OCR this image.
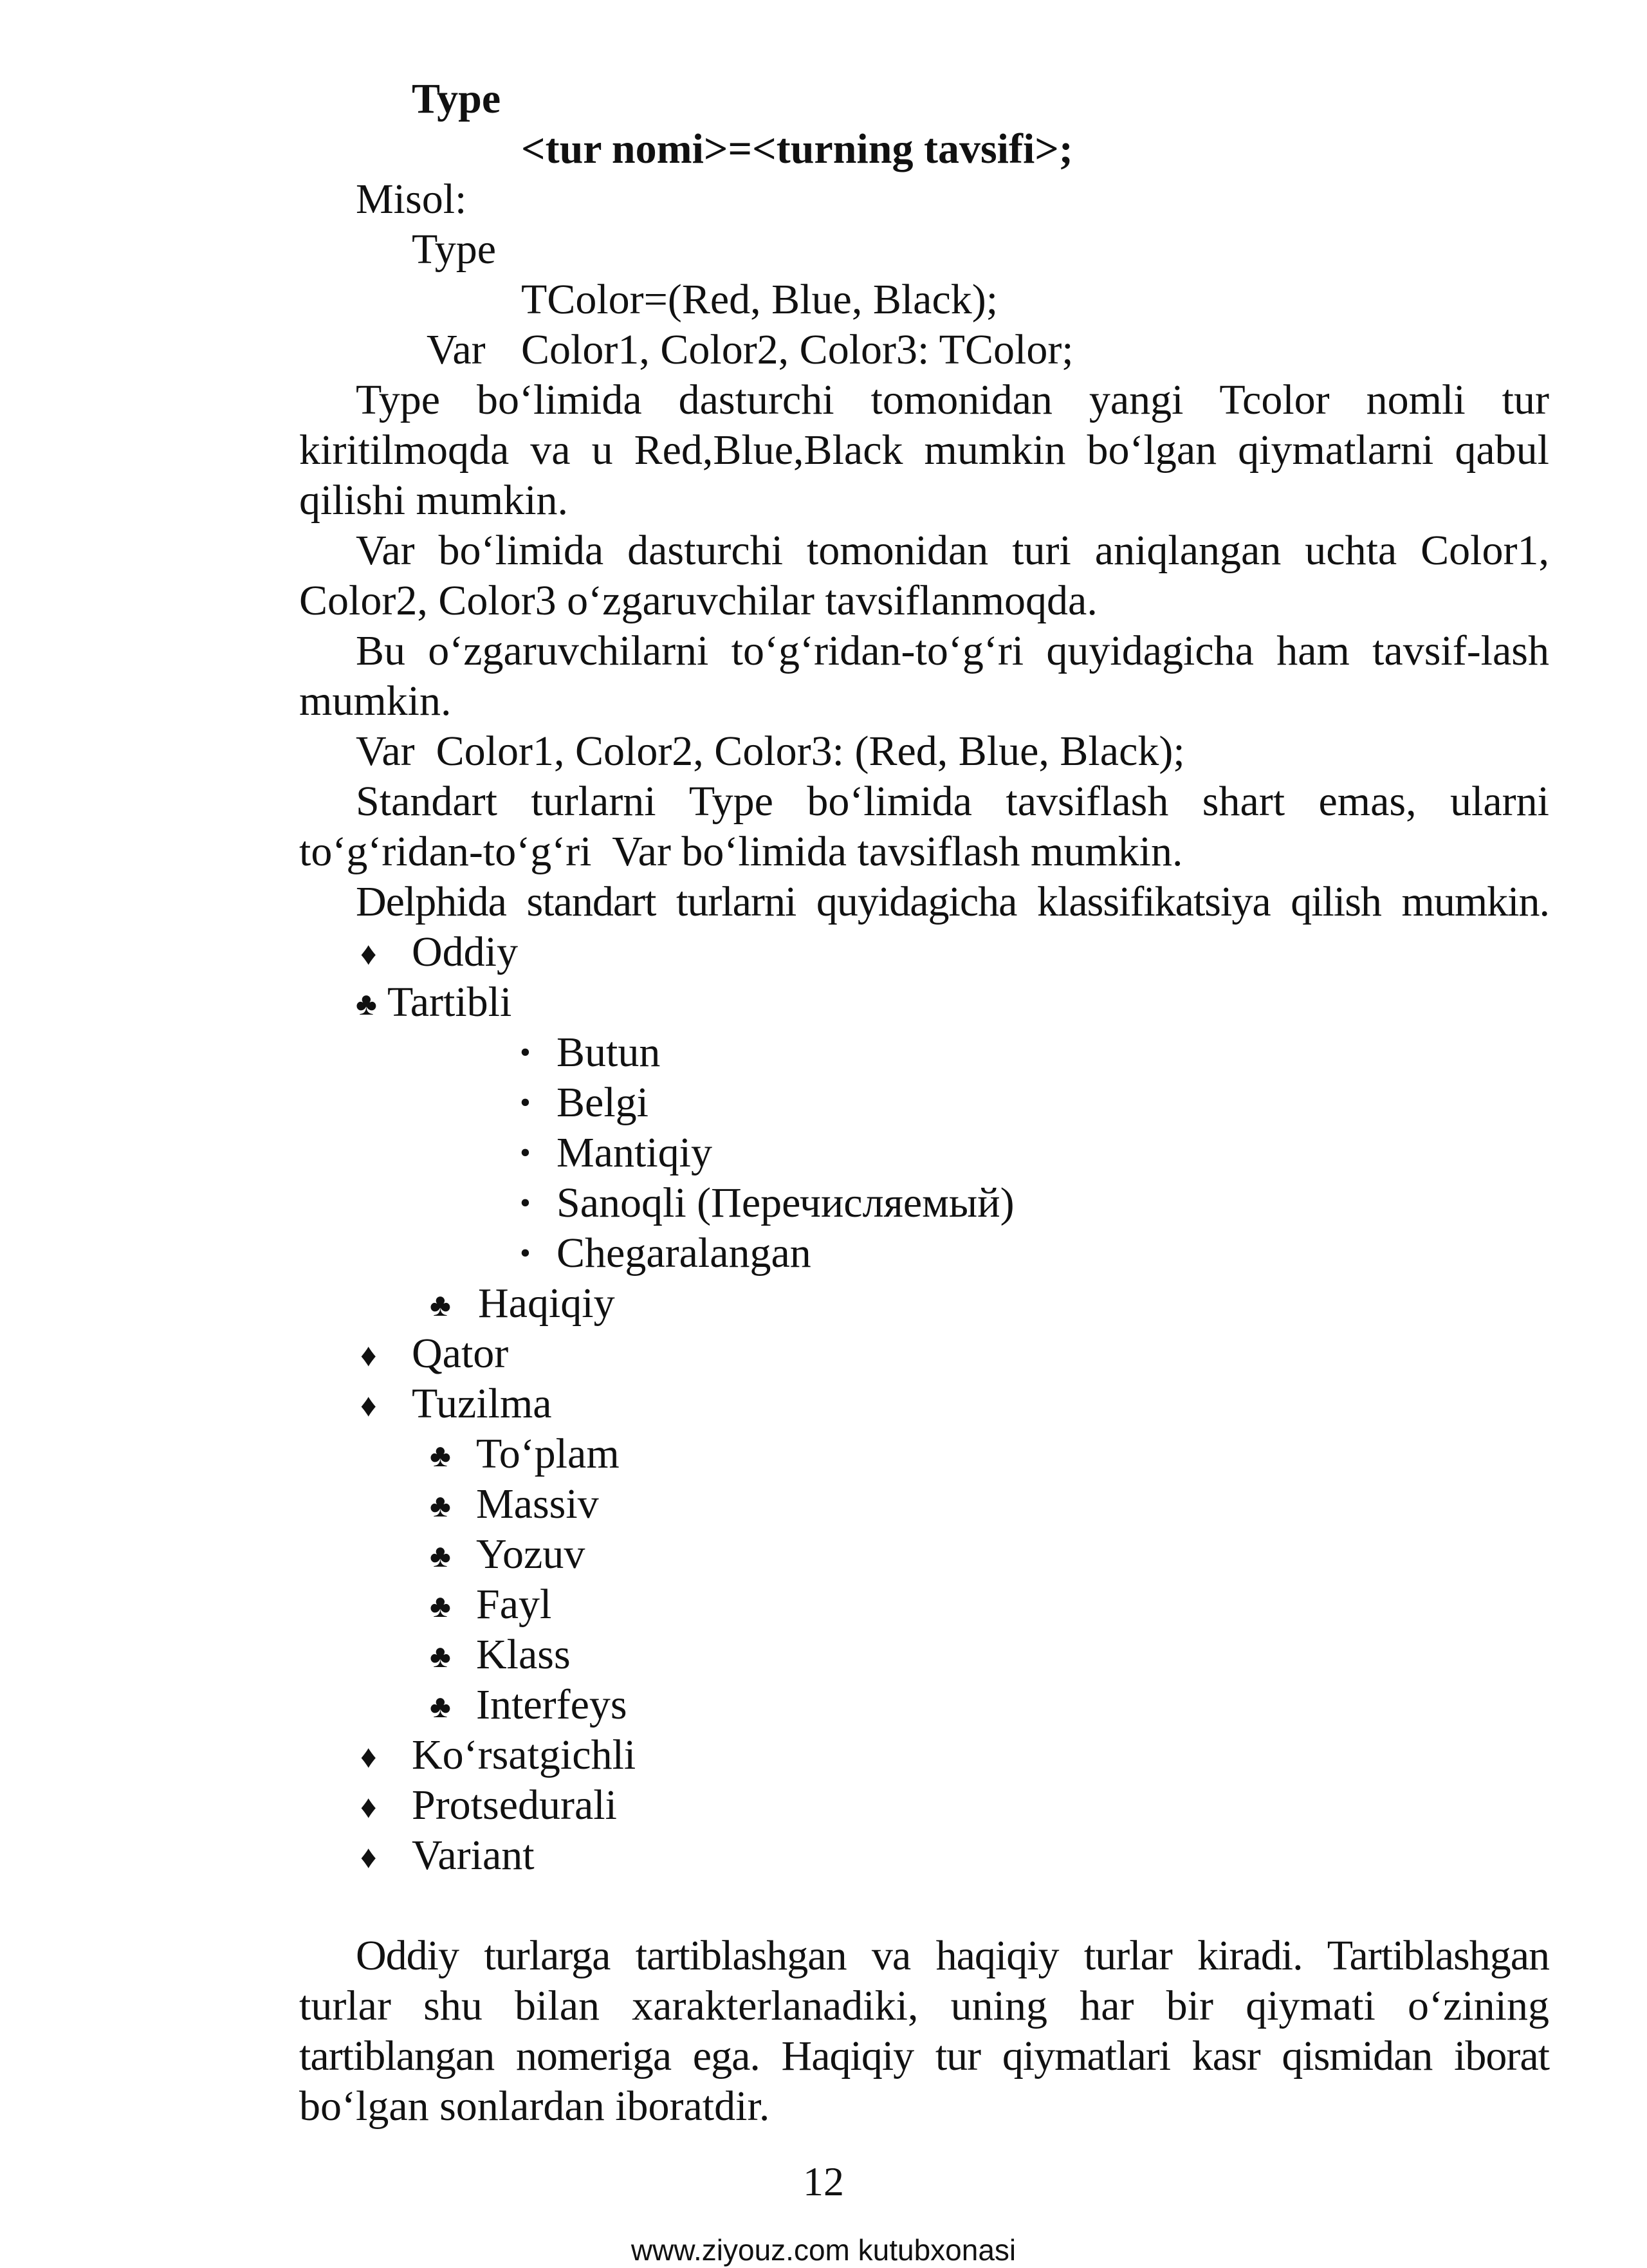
Type
<tur nomi>=<turning tavsifi>;
Misol:
Type
TColor=(Red, Blue, Black);
Var Color1, Color2, Color3: TColor;
Type bo‘limida dasturchi tomonidan yangi Tcolor nomli tur
kiritilmoqda va u Red,Blue,Black mumkin bo‘lgan qiymatlarni qabul
qilishi mumkin.
Var bo‘limida dasturchi tomonidan turi aniqlangan uchta Color1,
Color2, Color3 o‘zgaruvchilar tavsiflanmoqda.
Bu o‘zgaruvchilarni to‘g‘ridan-to‘g‘ri quyidagicha ham tavsif-lash
mumkin.
Var  Color1, Color2, Color3: (Red, Blue, Black);
Standart turlarni Type bo‘limida tavsiflash shart emas, ularni
to‘g‘ridan-to‘g‘ri  Var bo‘limida tavsiflash mumkin.
Delphida standart turlarni quyidagicha klassifikatsiya qilish mumkin.
♦ Oddiy
♣ Tartibli
• Butun
• Belgi
• Mantiqiy
• Sanoqli (Перечисляемый)
• Chegaralangan
♣ Haqiqiy
♦ Qator
♦ Tuzilma
♣ To‘plam
♣ Massiv
♣ Yozuv
♣ Fayl
♣ Klass
♣ Interfeys
♦ Ko‘rsatgichli
♦ Protsedurali
♦ Variant
Oddiy turlarga tartiblashgan va haqiqiy turlar kiradi. Tartiblashgan
turlar shu bilan xarakterlanadiki, uning har bir qiymati o‘zining
tartiblangan nomeriga ega. Haqiqiy tur qiymatlari kasr qismidan iborat
bo‘lgan sonlardan iboratdir.
12
www.ziyouz.com kutubxonasi
